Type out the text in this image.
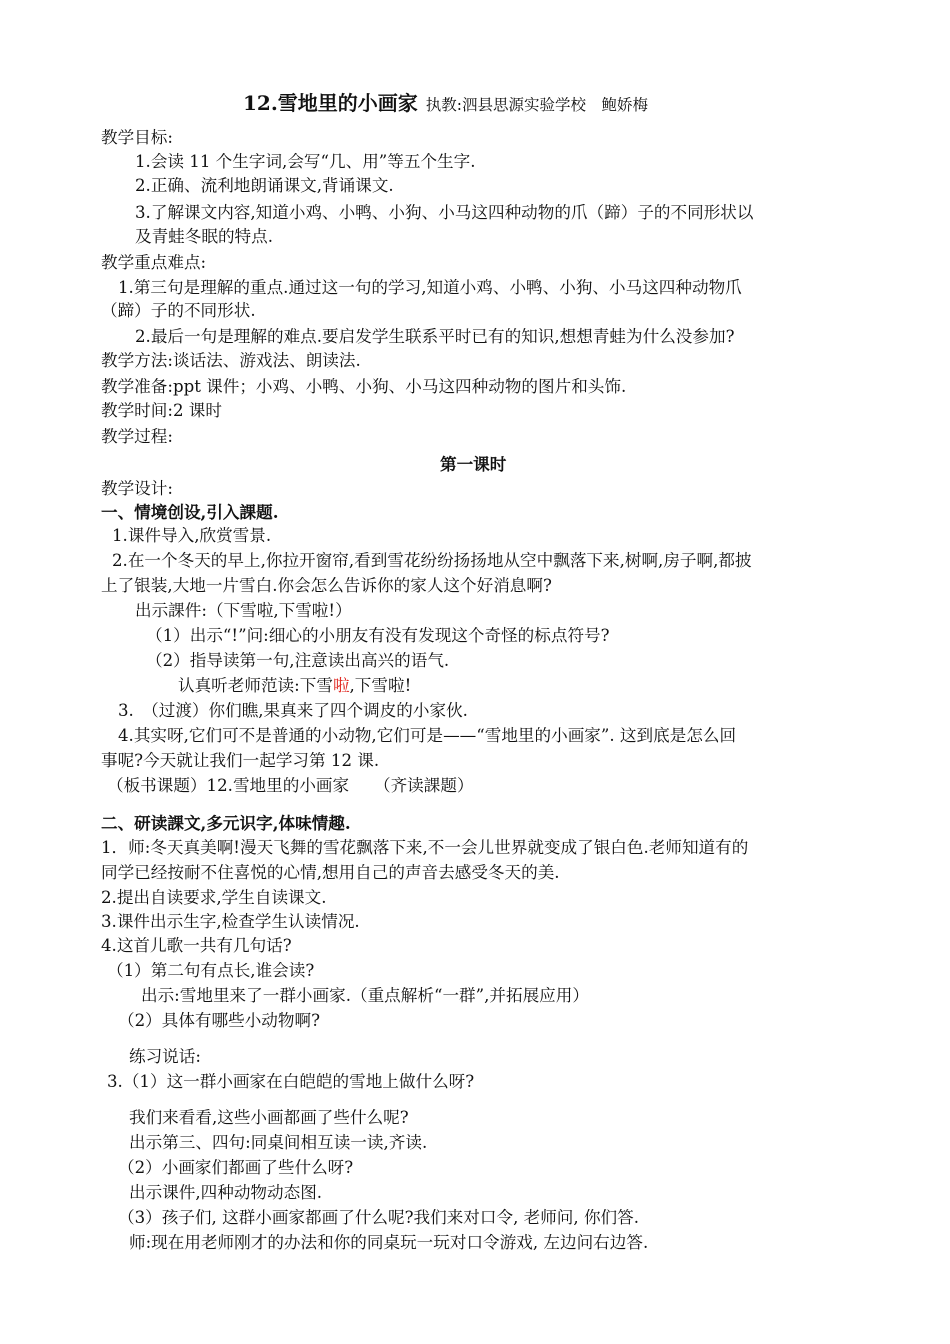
12.雪地里的小画家 执教:泗县思源实验学校　鲍娇梅
教学目标:
1.会读 11 个生字词,会写“几、用”等五个生字.
2.正确、流利地朗诵课文,背诵课文.
3.了解课文内容,知道小鸡、小鸭、小狗、小马这四种动物的爪（蹄）子的不同形状以
及青蛙冬眠的特点.
教学重点难点:
1.第三句是理解的重点.通过这一句的学习,知道小鸡、小鸭、小狗、小马这四种动物爪
（蹄）子的不同形状.
2.最后一句是理解的难点.要启发学生联系平时已有的知识,想想青蛙为什么没参加?
教学方法:谈话法、游戏法、朗读法.
教学准备:ppt 课件；小鸡、小鸭、小狗、小马这四种动物的图片和头饰.
教学时间:2 课时
教学过程:
第一课时
教学设计:
一、情境创设,引入課题.
1.课件导入,欣赏雪景.
2.在一个冬天的早上,你拉开窗帘,看到雪花纷纷扬扬地从空中飘落下来,树啊,房子啊,都披
上了银装,大地一片雪白.你会怎么告诉你的家人这个好消息啊?
出示課件:（下雪啦,下雪啦!）
（1）出示“!”问:细心的小朋友有没有发现这个奇怪的标点符号?
（2）指导读第一句,注意读出高兴的语气.
认真听老师范读:下雪啦,下雪啦!
3.　（过渡）你们瞧,果真来了四个调皮的小家伙.
4.其实呀,它们可不是普通的小动物,它们可是——“雪地里的小画家”. 这到底是怎么回
事呢?今天就让我们一起学习第 12 课.
（板书课题）12.雪地里的小画家　　（齐读課题）
二、研读課文,多元识字,体味情趣.
1．师:冬天真美啊!漫天飞舞的雪花飘落下来,不一会儿世界就变成了银白色.老师知道有的
同学已经按耐不住喜悦的心情,想用自己的声音去感受冬天的美.
2.提出自读要求,学生自读课文.
3.课件出示生字,检查学生认读情况.
4.这首儿歌一共有几句话?
（1）第二句有点长,谁会读?
出示:雪地里来了一群小画家.（重点解析“一群”,并拓展应用）
（2）具体有哪些小动物啊?
练习说话:
3.（1）这一群小画家在白皑皑的雪地上做什么呀?
我们来看看,这些小画都画了些什么呢?
出示第三、四句:同桌间相互读一读,齐读.
（2）小画家们都画了些什么呀?
出示课件,四种动物动态图.
（3）孩子们, 这群小画家都画了什么呢?我们来对口令, 老师问, 你们答.
师:现在用老师刚才的办法和你的同桌玩一玩对口令游戏, 左边问右边答.
